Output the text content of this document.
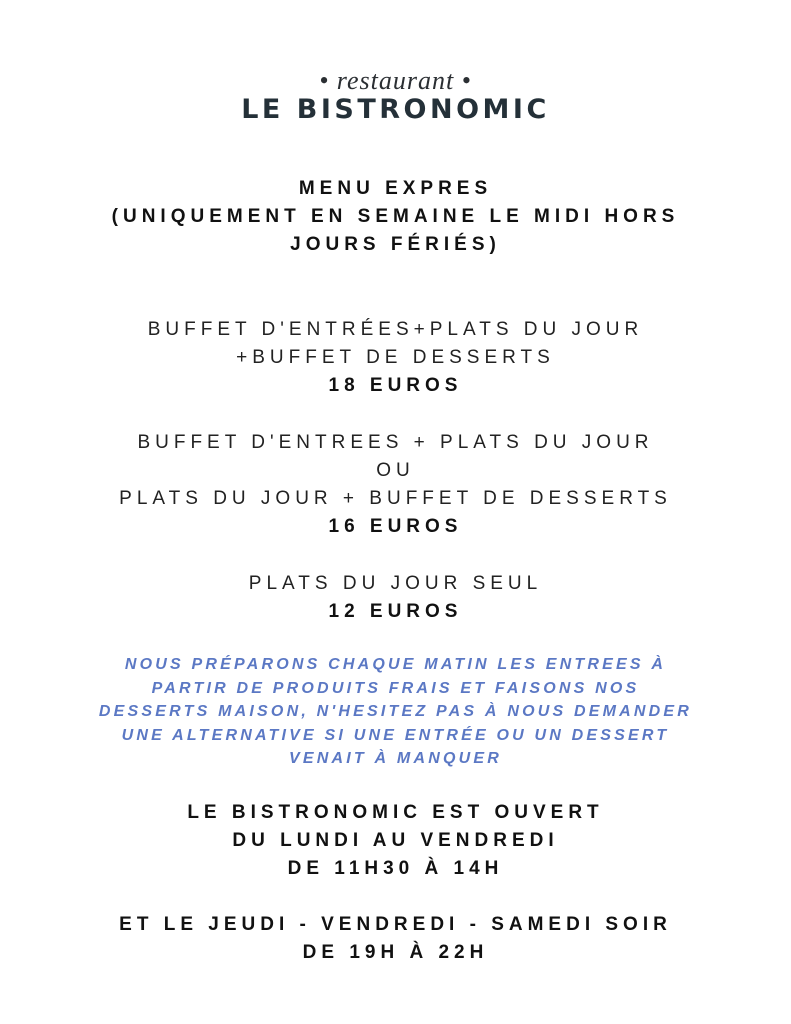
• restaurant •
LE BISTRONOMIC
MENU EXPRES
(UNIQUEMENT EN SEMAINE LE MIDI HORS
JOURS FÉRIÉS)
BUFFET D'ENTRÉES+PLATS DU JOUR
+BUFFET DE DESSERTS
18 EUROS
BUFFET D'ENTREES + PLATS DU JOUR
OU
PLATS DU JOUR + BUFFET DE DESSERTS
16 EUROS
PLATS DU JOUR SEUL
12 EUROS
NOUS PRÉPARONS CHAQUE MATIN LES ENTREES À
PARTIR DE PRODUITS FRAIS ET FAISONS NOS
DESSERTS MAISON, N'HESITEZ PAS À NOUS DEMANDER
UNE ALTERNATIVE SI UNE ENTRÉE OU UN DESSERT
VENAIT À MANQUER
LE BISTRONOMIC EST OUVERT
DU LUNDI AU VENDREDI
DE 11H30 À 14H
ET LE JEUDI - VENDREDI - SAMEDI SOIR
DE 19H À 22H
